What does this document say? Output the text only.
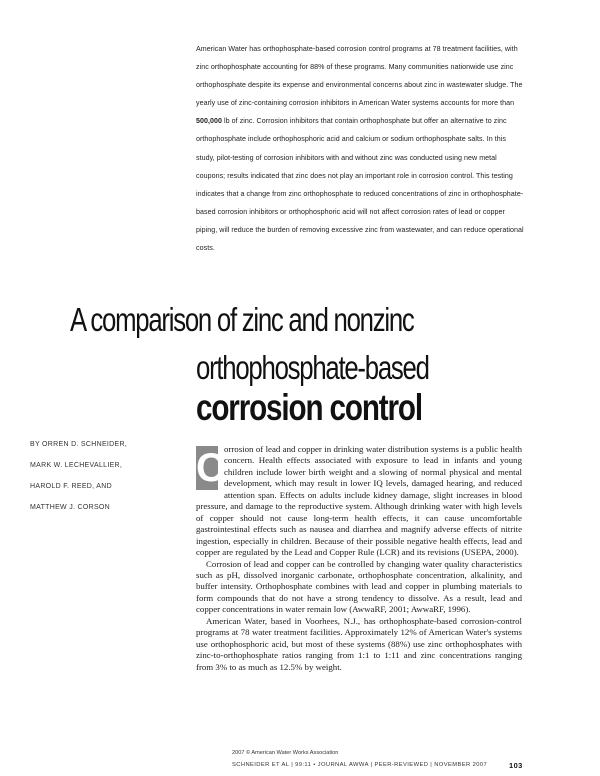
American Water has orthophosphate-based corrosion control programs at 78 treatment facilities, with zinc orthophosphate accounting for 88% of these programs. Many communities nationwide use zinc orthophosphate despite its expense and environmental concerns about zinc in wastewater sludge. The yearly use of zinc-containing corrosion inhibitors in American Water systems accounts for more than 500,000 lb of zinc. Corrosion inhibitors that contain orthophosphate but offer an alternative to zinc orthophosphate include orthophosphoric acid and calcium or sodium orthophosphate salts. In this study, pilot-testing of corrosion inhibitors with and without zinc was conducted using new metal coupons; results indicated that zinc does not play an important role in corrosion control. This testing indicates that a change from zinc orthophosphate to reduced concentrations of zinc in orthophosphate-based corrosion inhibitors or orthophosphoric acid will not affect corrosion rates of lead or copper piping, will reduce the burden of removing excessive zinc from wastewater, and can reduce operational costs.
A comparison of zinc and nonzinc
orthophosphate-based
corrosion control
BY ORREN D. SCHNEIDER,
MARK W. LECHEVALLIER,
HAROLD F. REED, AND
MATTHEW J. CORSON

C orrosion of lead and copper in drinking water distribution systems is a public health concern. Health effects associated with exposure to lead in infants and young children include lower birth weight and a slowing of normal physical and mental development, which may result in lower IQ levels, damaged hearing, and reduced attention span. Effects on adults include kidney damage, slight increases in blood pressure, and damage to the reproductive system. Although drinking water with high levels of copper should not cause long-term health effects, it can cause uncomfortable gastrointestinal effects such as nausea and diarrhea and magnify adverse effects of nitrite ingestion, especially in children. Because of their possible negative health effects, lead and copper are regulated by the Lead and Copper Rule (LCR) and its revisions (USEPA, 2000).

Corrosion of lead and copper can be controlled by changing water quality characteristics such as pH, dissolved inorganic carbonate, orthophosphate concentration, alkalinity, and buffer intensity. Orthophosphate combines with lead and copper in plumbing materials to form compounds that do not have a strong tendency to dissolve. As a result, lead and copper concentrations in water remain low (AwwaRF, 2001; AwwaRF, 1996).

American Water, based in Voorhees, N.J., has orthophosphate-based corrosion-control programs at 78 water treatment facilities. Approximately 12% of American Water's systems use orthophosphoric acid, but most of these systems (88%) use zinc orthophosphates with zinc-to-orthophosphate ratios ranging from 1:1 to 1:11 and zinc concentrations ranging from 3% to as much as 12.5% by weight.

2007 © American Water Works Association
SCHNEIDER ET AL | 99:11 • JOURNAL AWWA | PEER-REVIEWED | NOVEMBER 2007	103
